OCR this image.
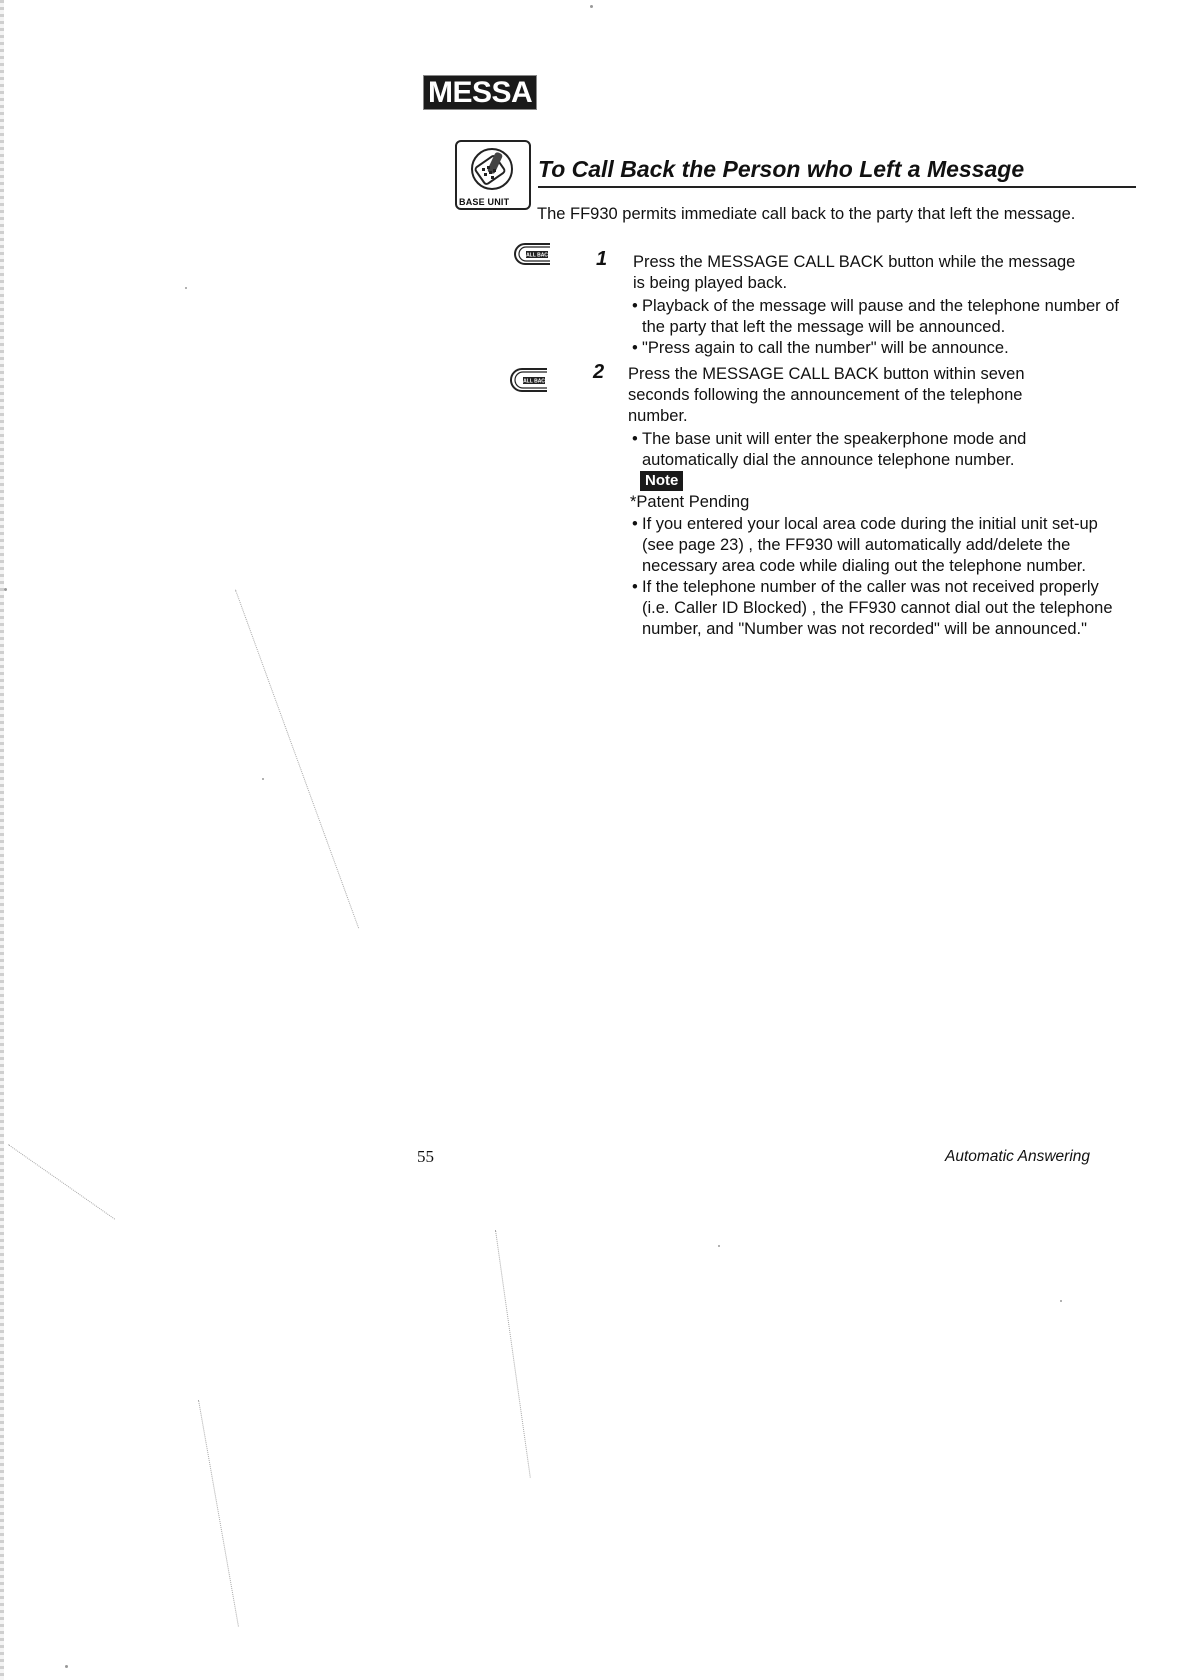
MESSA
BASE UNIT
To Call Back the Person who Left a Message
The FF930 permits immediate call back to the party that left the message.
CALL BACK 1 Press the MESSAGE CALL BACK button while the message
is being played back.
• Playback of the message will pause and the telephone number of the party that left the message will be announced.
• "Press again to call the number" will be announce.
CALL BACK 2 Press the MESSAGE CALL BACK button within seven seconds following the announcement of the telephone number.
• The base unit will enter the speakerphone mode and automatically dial the announce telephone number.
Note
*Patent Pending
• If you entered your local area code during the initial unit set-up (see page 23) , the FF930 will automatically add/delete the necessary area code while dialing out the telephone number.
• If the telephone number of the caller was not received properly (i.e. Caller ID Blocked) , the FF930 cannot dial out the telephone number, and "Number was not recorded" will be announced."
55	Automatic Answering
